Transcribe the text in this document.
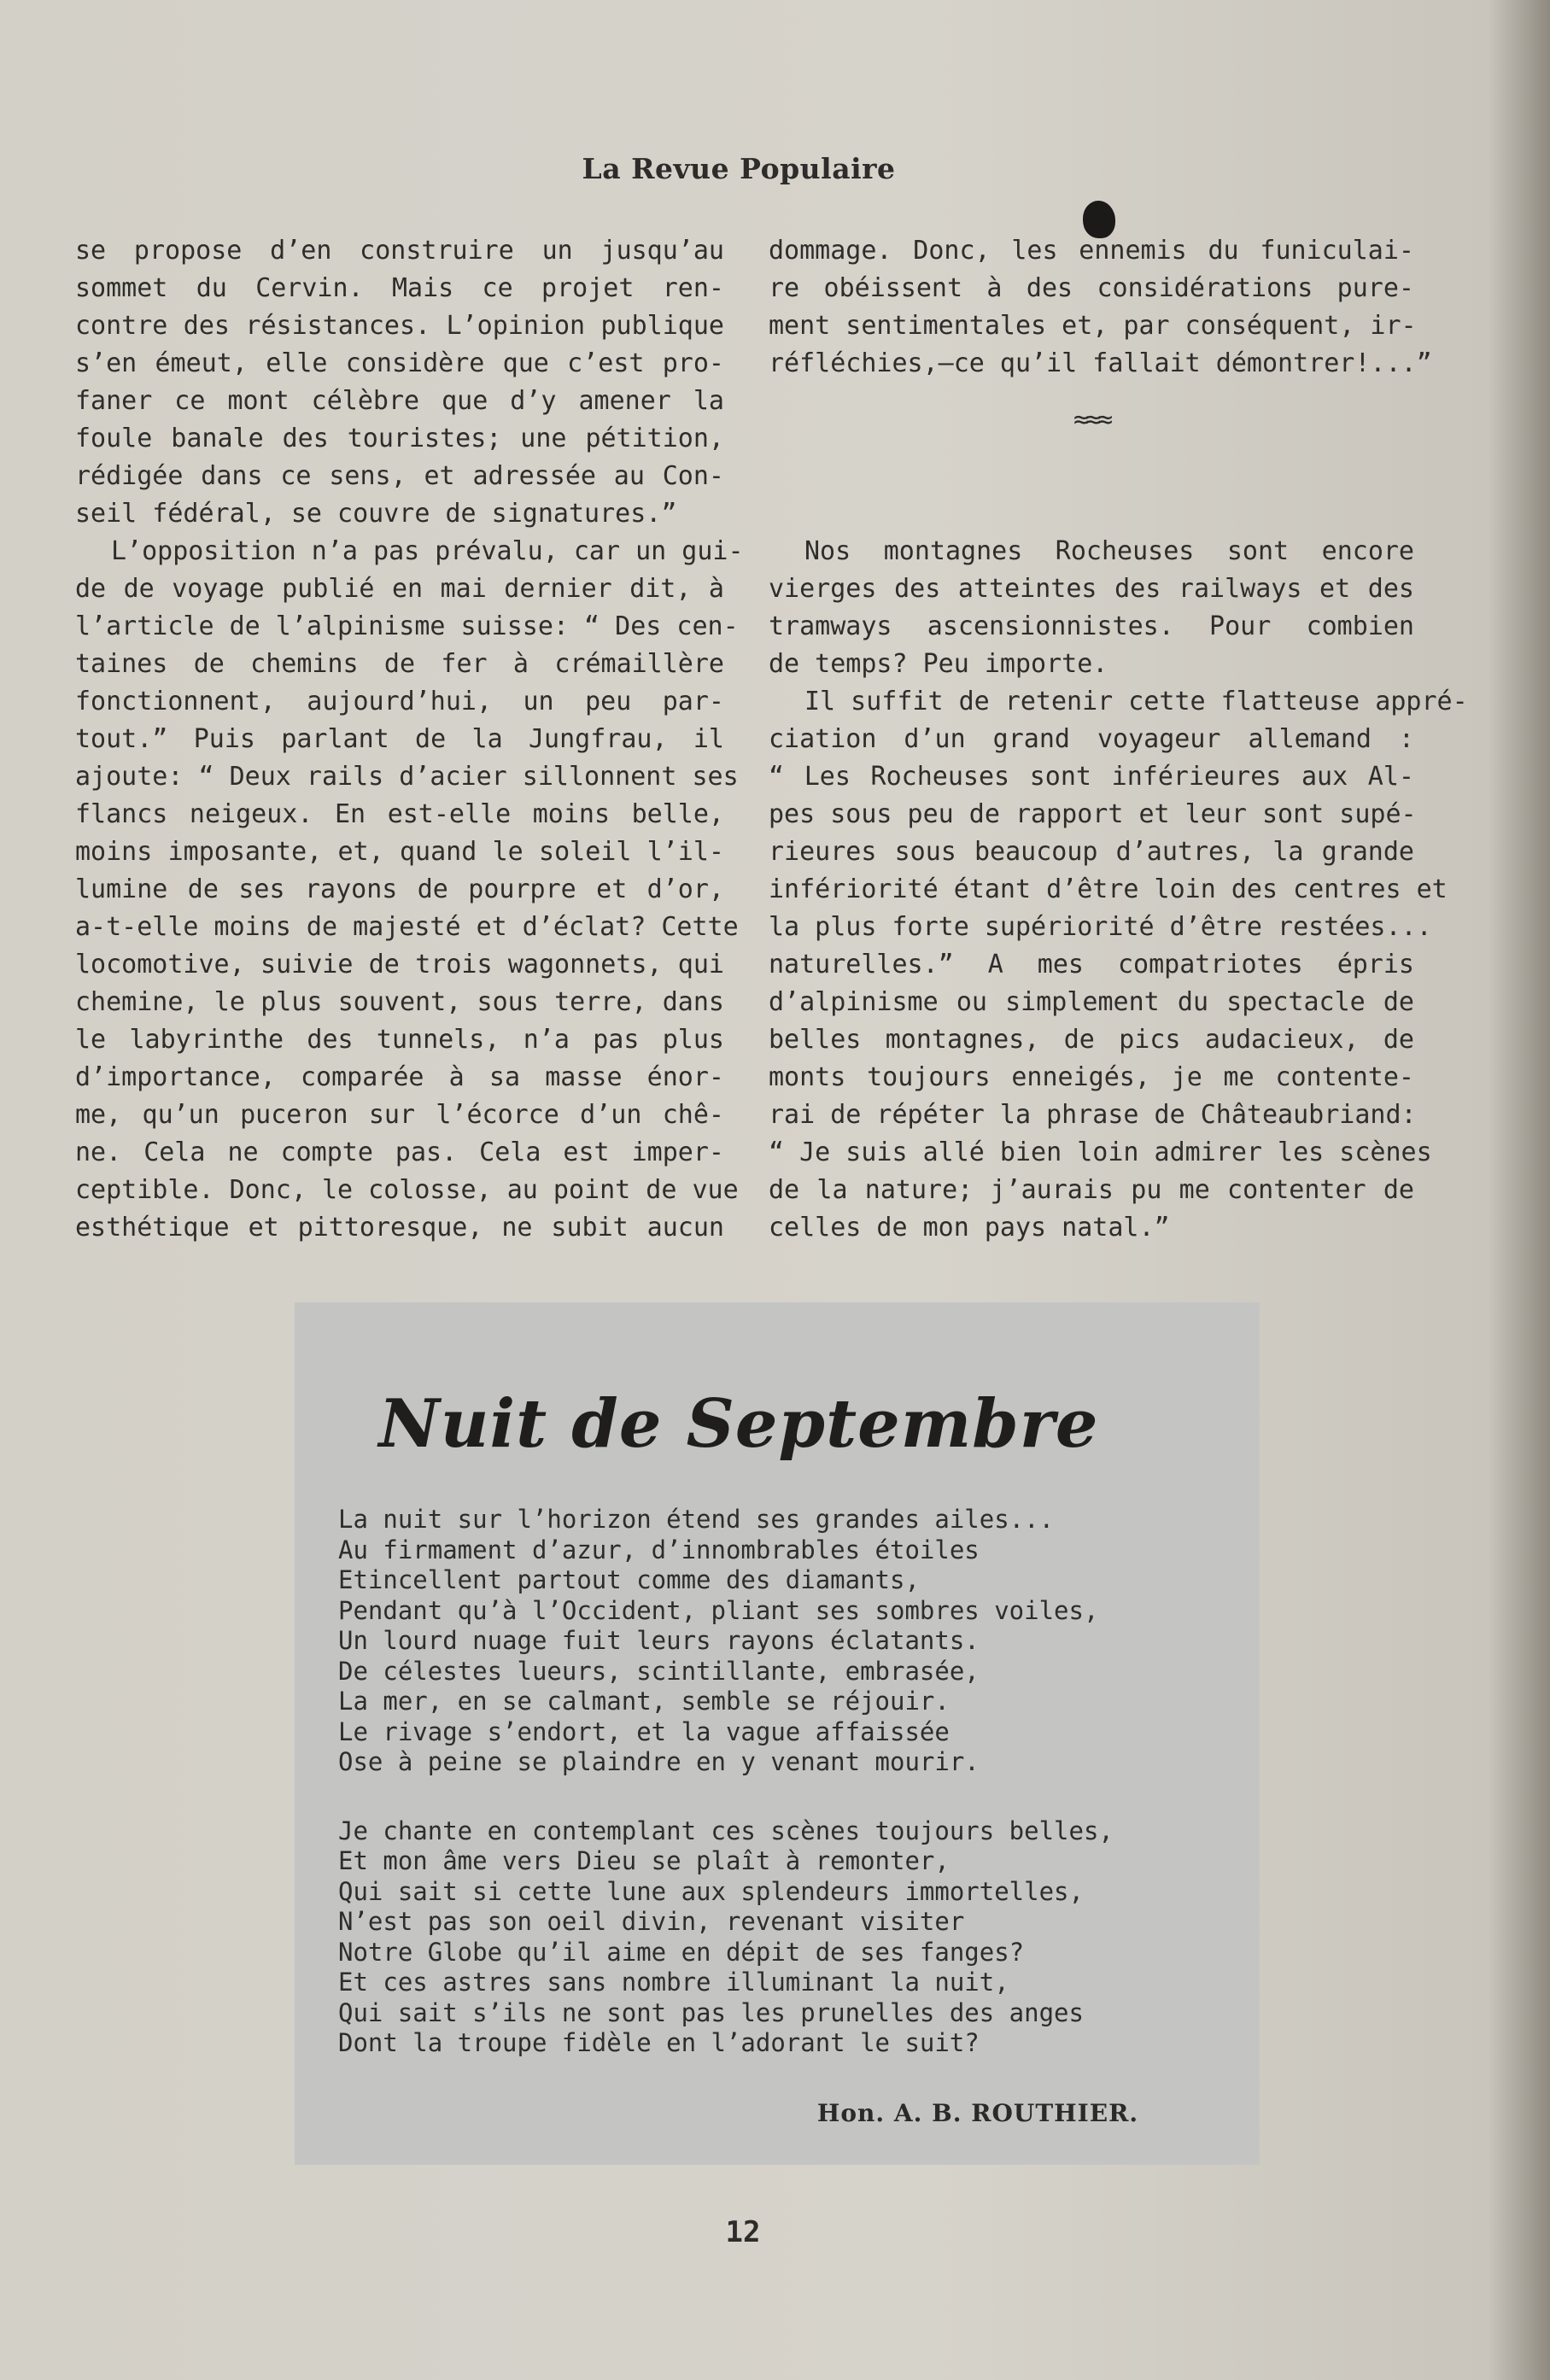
La Revue Populaire
se propose d’en construire un jusqu’au
sommet du Cervin. Mais ce projet ren-
contre des résistances. L’opinion publique
s’en émeut, elle considère que c’est pro-
faner ce mont célèbre que d’y amener la
foule banale des touristes; une pétition,
rédigée dans ce sens, et adressée au Con-
seil fédéral, se couvre de signatures.”
L’opposition n’a pas prévalu, car un gui-
de de voyage publié en mai dernier dit, à
l’article de l’alpinisme suisse: “ Des cen-
taines de chemins de fer à crémaillère
fonctionnent, aujourd’hui, un peu par-
tout.” Puis parlant de la Jungfrau, il
ajoute: “ Deux rails d’acier sillonnent ses
flancs neigeux. En est-elle moins belle,
moins imposante, et, quand le soleil l’il-
lumine de ses rayons de pourpre et d’or,
a-t-elle moins de majesté et d’éclat? Cette
locomotive, suivie de trois wagonnets, qui
chemine, le plus souvent, sous terre, dans
le labyrinthe des tunnels, n’a pas plus
d’importance, comparée à sa masse énor-
me, qu’un puceron sur l’écorce d’un chê-
ne. Cela ne compte pas. Cela est imper-
ceptible. Donc, le colosse, au point de vue
esthétique et pittoresque, ne subit aucun
dommage. Donc, les ennemis du funiculai-
re obéissent à des considérations pure-
ment sentimentales et, par conséquent, ir-
réfléchies,—ce qu’il fallait démontrer!...”
≈≈≈
Nos montagnes Rocheuses sont encore
vierges des atteintes des railways et des
tramways ascensionnistes. Pour combien
de temps? Peu importe.
Il suffit de retenir cette flatteuse appré-
ciation d’un grand voyageur allemand :
“ Les Rocheuses sont inférieures aux Al-
pes sous peu de rapport et leur sont supé-
rieures sous beaucoup d’autres, la grande
infériorité étant d’être loin des centres et
la plus forte supériorité d’être restées...
naturelles.” A mes compatriotes épris
d’alpinisme ou simplement du spectacle de
belles montagnes, de pics audacieux, de
monts toujours enneigés, je me contente-
rai de répéter la phrase de Châteaubriand:
“ Je suis allé bien loin admirer les scènes
de la nature; j’aurais pu me contenter de
celles de mon pays natal.”
Nuit de Septembre
La nuit sur l’horizon étend ses grandes ailes...
Au firmament d’azur, d’innombrables étoiles
Etincellent partout comme des diamants,
Pendant qu’à l’Occident, pliant ses sombres voiles,
Un lourd nuage fuit leurs rayons éclatants.
De célestes lueurs, scintillante, embrasée,
La mer, en se calmant, semble se réjouir.
Le rivage s’endort, et la vague affaissée
Ose à peine se plaindre en y venant mourir.
Je chante en contemplant ces scènes toujours belles,
Et mon âme vers Dieu se plaît à remonter,
Qui sait si cette lune aux splendeurs immortelles,
N’est pas son oeil divin, revenant visiter
Notre Globe qu’il aime en dépit de ses fanges?
Et ces astres sans nombre illuminant la nuit,
Qui sait s’ils ne sont pas les prunelles des anges
Dont la troupe fidèle en l’adorant le suit?
Hon. A. B. ROUTHIER.
12
